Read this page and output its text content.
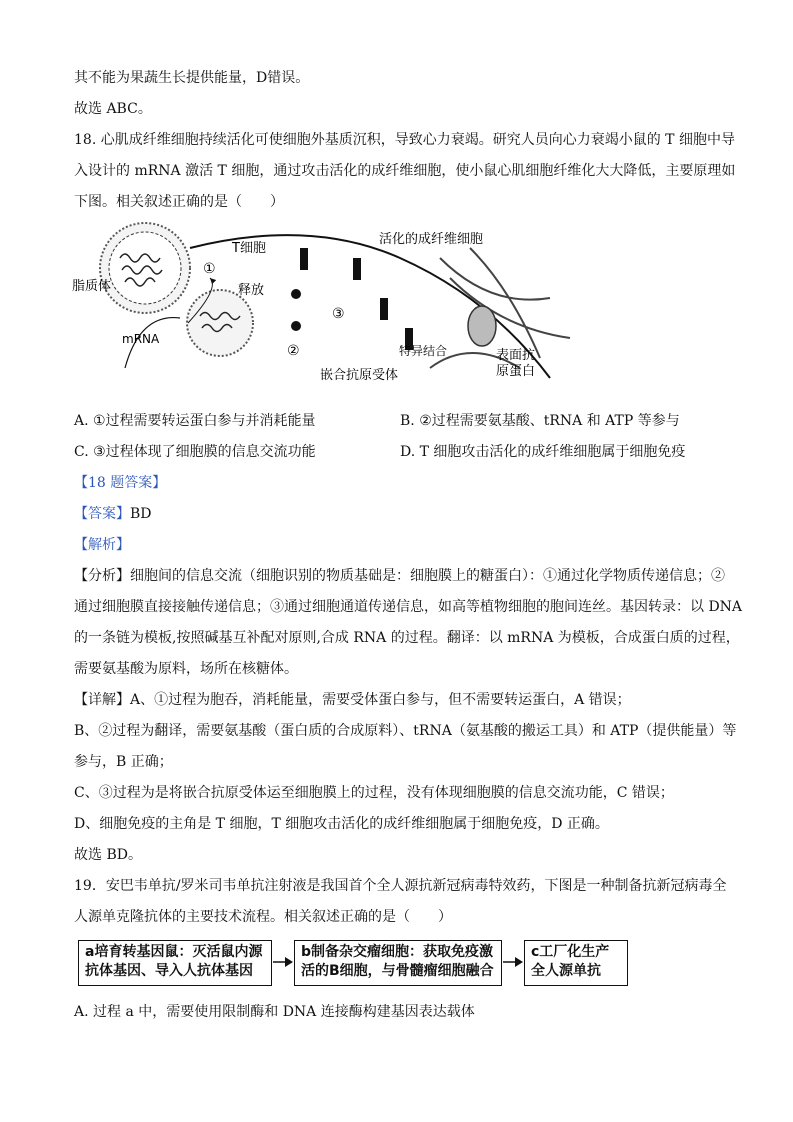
其不能为果蔬生长提供能量，D错误。
故选 ABC。
18. 心肌成纤维细胞持续活化可使细胞外基质沉积，导致心力衰竭。研究人员向心力衰竭小鼠的 T 细胞中导
入设计的 mRNA 激活 T 细胞，通过攻击活化的成纤维细胞，使小鼠心肌细胞纤维化大大降低，主要原理如
下图。相关叙述正确的是（　　）
脂质体
mRNA
T细胞
释放
①
②
③
活化的成纤维细胞
特异结合
嵌合抗原受体
表面抗
原蛋白
A. ①过程需要转运蛋白参与并消耗能量	B. ②过程需要氨基酸、tRNA 和 ATP 等参与
C. ③过程体现了细胞膜的信息交流功能	D. T 细胞攻击活化的成纤维细胞属于细胞免疫
【18 题答案】
【答案】BD
【解析】
【分析】细胞间的信息交流（细胞识别的物质基础是：细胞膜上的糖蛋白）：①通过化学物质传递信息；②
通过细胞膜直接接触传递信息；③通过细胞通道传递信息，如高等植物细胞的胞间连丝。基因转录：以 DNA
的一条链为模板,按照碱基互补配对原则,合成 RNA 的过程。翻译：以 mRNA 为模板，合成蛋白质的过程，
需要氨基酸为原料，场所在核糖体。
【详解】A、①过程为胞吞，消耗能量，需要受体蛋白参与，但不需要转运蛋白，A 错误；
B、②过程为翻译，需要氨基酸（蛋白质的合成原料）、tRNA（氨基酸的搬运工具）和 ATP（提供能量）等
参与，B 正确；
C、③过程为是将嵌合抗原受体运至细胞膜上的过程，没有体现细胞膜的信息交流功能，C 错误；
D、细胞免疫的主角是 T 细胞，T 细胞攻击活化的成纤维细胞属于细胞免疫，D 正确。
故选 BD。
19．安巴韦单抗/罗米司韦单抗注射液是我国首个全人源抗新冠病毒特效药，下图是一种制备抗新冠病毒全
人源单克隆抗体的主要技术流程。相关叙述正确的是（　　）
a培育转基因鼠：灭活鼠内源
抗体基因、导入人抗体基因
b制备杂交瘤细胞：获取免疫激
活的B细胞，与骨髓瘤细胞融合
c工厂化生产
全人源单抗
A. 过程 a 中，需要使用限制酶和 DNA 连接酶构建基因表达载体
